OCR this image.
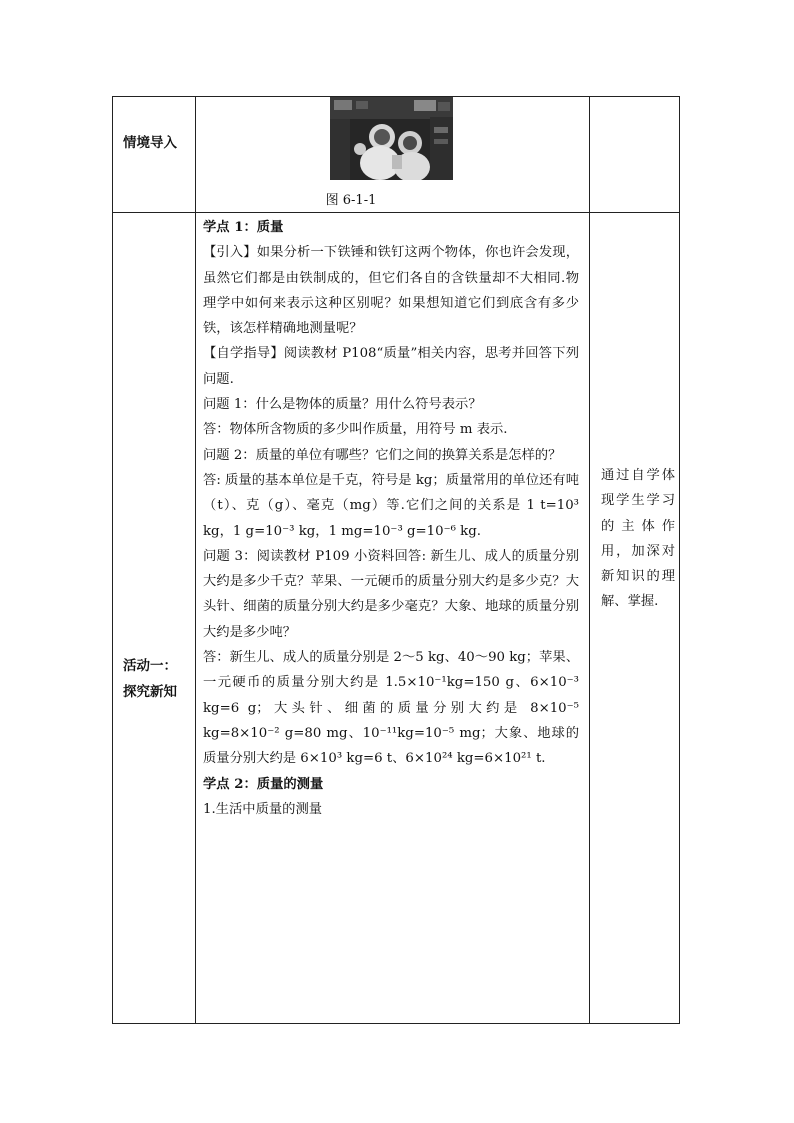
情境导入
图 6-1-1
活动一：
探究新知

学点 1：质量

【引入】如果分析一下铁锤和铁钉这两个物体，你也许会发现，虽然它们都是由铁制成的，但它们各自的含铁量却不大相同.物理学中如何来表示这种区别呢？如果想知道它们到底含有多少铁，该怎样精确地测量呢？

【自学指导】阅读教材 P108“质量”相关内容，思考并回答下列问题.

问题 1：什么是物体的质量？用什么符号表示？

答：物体所含物质的多少叫作质量，用符号 m 表示.

问题 2：质量的单位有哪些？它们之间的换算关系是怎样的？

答: 质量的基本单位是千克，符号是 kg；质量常用的单位还有吨（t）、克（g）、毫克（mg）等.它们之间的关系是 1 t=10³ kg，1 g=10⁻³ kg，1 mg=10⁻³ g=10⁻⁶ kg.

问题 3：阅读教材 P109 小资料回答: 新生儿、成人的质量分别大约是多少千克？苹果、一元硬币的质量分别大约是多少克？大头针、细菌的质量分别大约是多少毫克？大象、地球的质量分别大约是多少吨？

答：新生儿、成人的质量分别是 2～5 kg、40～90 kg；苹果、一元硬币的质量分别大约是 1.5×10⁻¹kg=150 g、6×10⁻³ kg=6 g；大头针、细菌的质量分别大约是 8×10⁻⁵ kg=8×10⁻² g=80 mg、10⁻¹¹kg=10⁻⁵ mg；大象、地球的质量分别大约是 6×10³ kg=6 t、6×10²⁴ kg=6×10²¹ t.

学点 2：质量的测量

1.生活中质量的测量

通过自学体现学生学习的主体作用，加深对新知识的理解、掌握.
